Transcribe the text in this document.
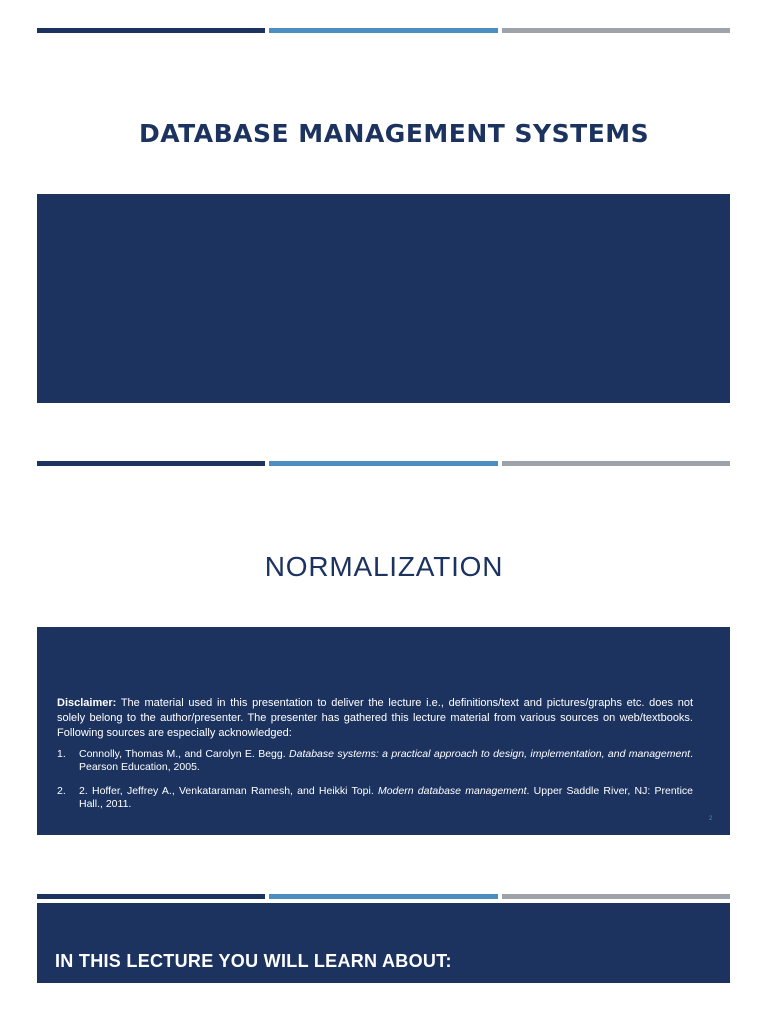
DATABASE MANAGEMENT SYSTEMS
NORMALIZATION
Disclaimer: The material used in this presentation to deliver the lecture i.e., definitions/text and pictures/graphs etc. does not solely belong to the author/presenter. The presenter has gathered this lecture material from various sources on web/textbooks. Following sources are especially acknowledged:
1. Connolly, Thomas M., and Carolyn E. Begg. Database systems: a practical approach to design, implementation, and management. Pearson Education, 2005.
2. 2. Hoffer, Jeffrey A., Venkataraman Ramesh, and Heikki Topi. Modern database management. Upper Saddle River, NJ: Prentice Hall., 2011.
2
IN THIS LECTURE YOU WILL LEARN ABOUT:
